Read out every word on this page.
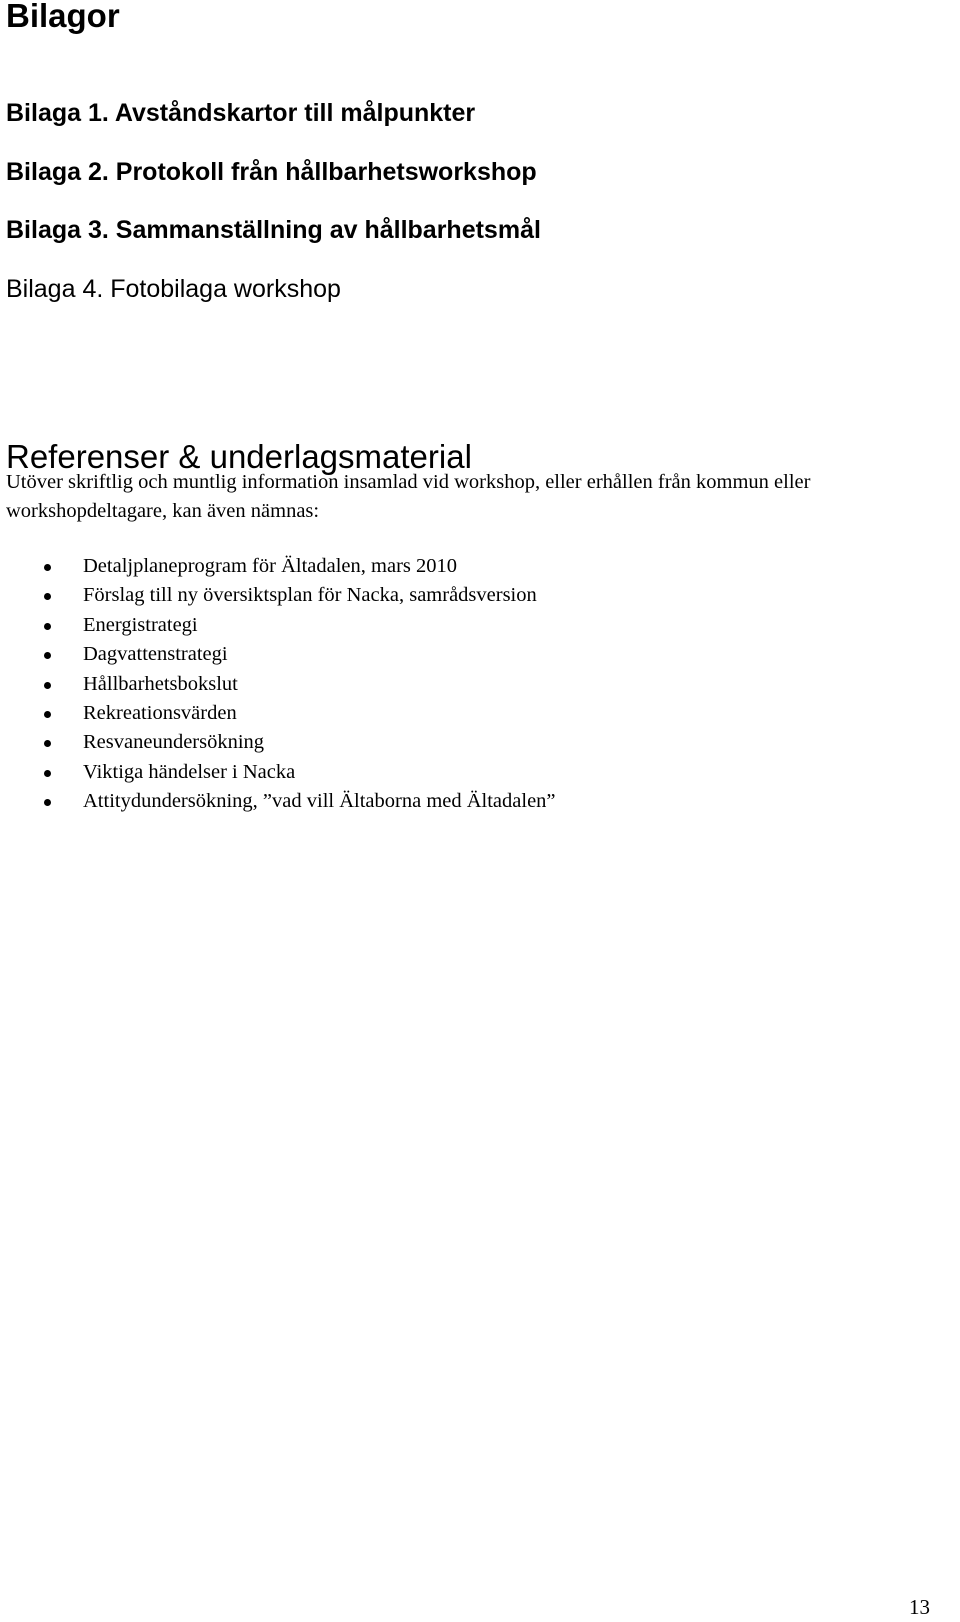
Bilagor
Bilaga 1. Avståndskartor till målpunkter
Bilaga 2. Protokoll från hållbarhetsworkshop
Bilaga 3. Sammanställning av hållbarhetsmål
Bilaga 4. Fotobilaga workshop
Referenser & underlagsmaterial

Utöver skriftlig och muntlig information insamlad vid workshop, eller erhållen från kommun eller workshopdeltagare, kan även nämnas:

Detaljplaneprogram för Ältadalen, mars 2010
Förslag till ny översiktsplan för Nacka, samrådsversion
Energistrategi
Dagvattenstrategi
Hållbarhetsbokslut
Rekreationsvärden
Resvaneundersökning
Viktiga händelser i Nacka
Attitydundersökning, ”vad vill Ältaborna med Ältadalen”
13
